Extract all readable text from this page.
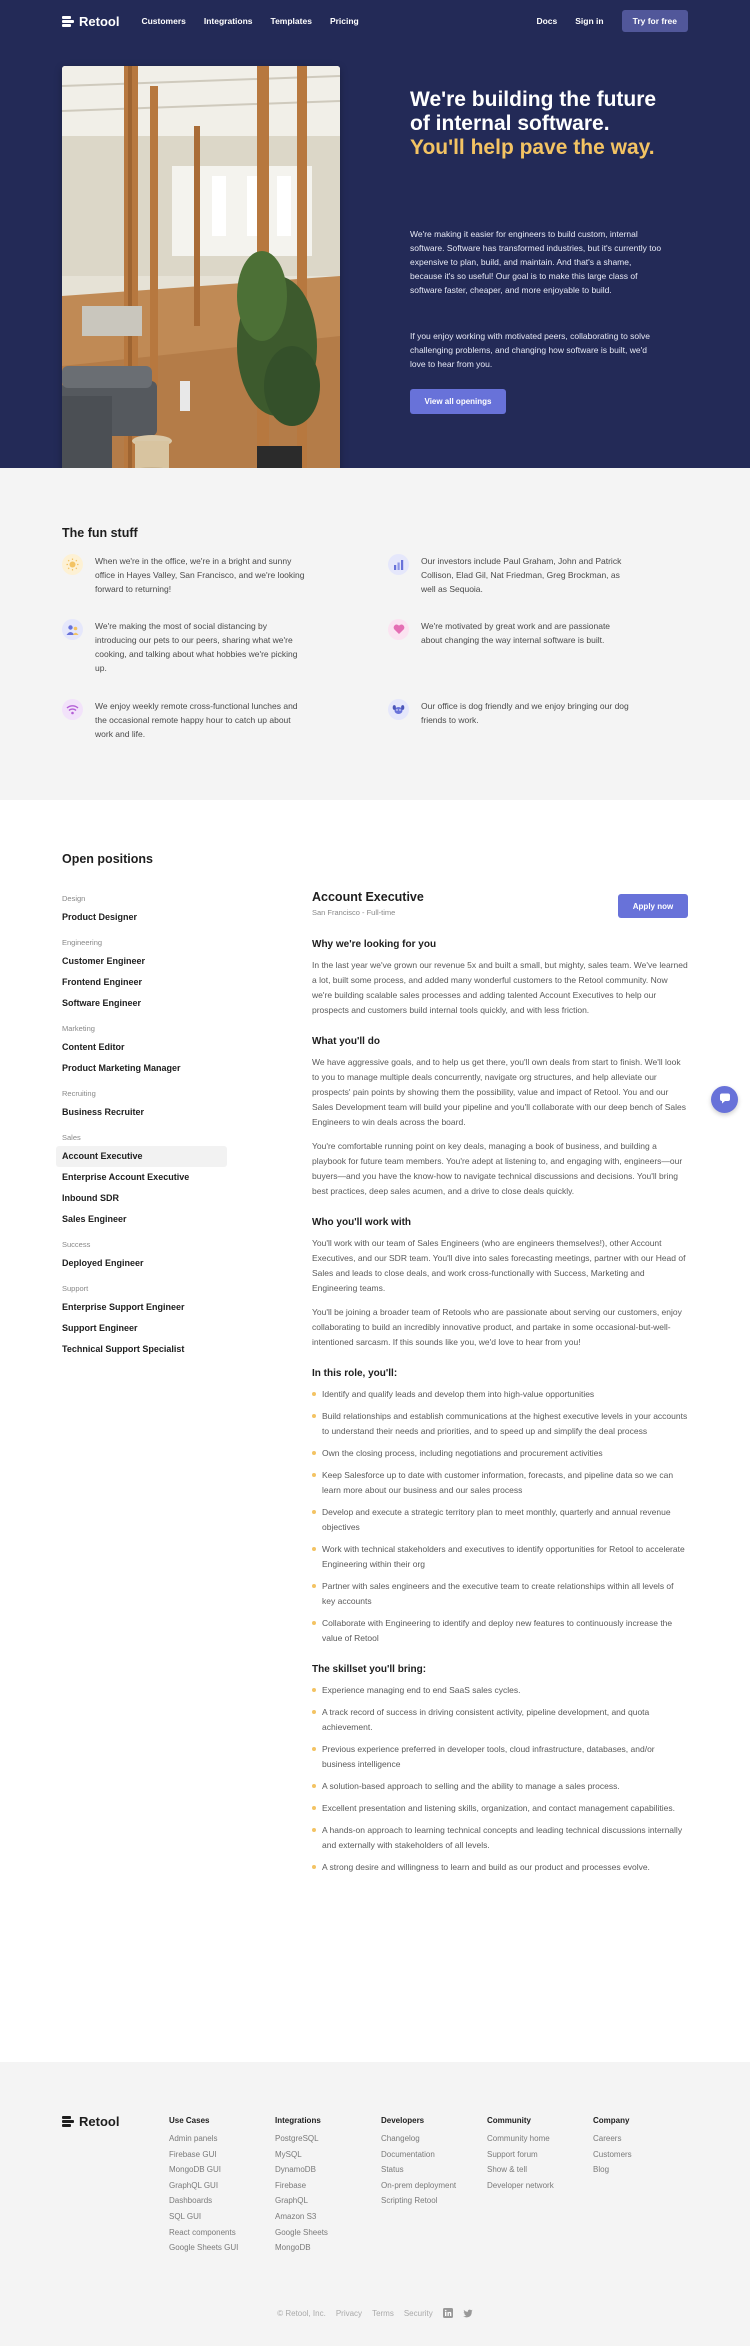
Retool	Customers Integrations Templates Pricing	Docs Sign in	Try for free
We're building the future of internal software. You'll help pave the way.

We're making it easier for engineers to build custom, internal software. Software has transformed industries, but it's currently too expensive to plan, build, and maintain. And that's a shame, because it's so useful! Our goal is to make this large class of software faster, cheaper, and more enjoyable to build.

If you enjoy working with motivated peers, collaborating to solve challenging problems, and changing how software is built, we'd love to hear from you.

View all openings
The fun stuff

When we're in the office, we're in a bright and sunny office in Hayes Valley, San Francisco, and we're looking forward to returning!

Our investors include Paul Graham, John and Patrick Collison, Elad Gil, Nat Friedman, Greg Brockman, as well as Sequoia.

We're making the most of social distancing by introducing our pets to our peers, sharing what we're cooking, and talking about what hobbies we're picking up.

We're motivated by great work and are passionate about changing the way internal software is built.

We enjoy weekly remote cross-functional lunches and the occasional remote happy hour to catch up about work and life.

Our office is dog friendly and we enjoy bringing our dog friends to work.

Open positions
Design
Product Designer
Engineering
Customer Engineer
Frontend Engineer
Software Engineer
Marketing
Content Editor
Product Marketing Manager
Recruiting
Business Recruiter
Sales
Account Executive
Enterprise Account Executive
Inbound SDR
Sales Engineer
Success
Deployed Engineer
Support
Enterprise Support Engineer
Support Engineer
Technical Support Specialist
Account Executive
San Francisco - Full-time
Apply now
Why we're looking for you

In the last year we've grown our revenue 5x and built a small, but mighty, sales team. We've learned a lot, built some process, and added many wonderful customers to the Retool community. Now we're building scalable sales processes and adding talented Account Executives to help our prospects and customers build internal tools quickly, and with less friction.

What you'll do

We have aggressive goals, and to help us get there, you'll own deals from start to finish. We'll look to you to manage multiple deals concurrently, navigate org structures, and help alleviate our prospects' pain points by showing them the possibility, value and impact of Retool. You and our Sales Development team will build your pipeline and you'll collaborate with our deep bench of Sales Engineers to win deals across the board.

You're comfortable running point on key deals, managing a book of business, and building a playbook for future team members. You're adept at listening to, and engaging with, engineers—our buyers—and you have the know-how to navigate technical discussions and decisions. You'll bring best practices, deep sales acumen, and a drive to close deals quickly.

Who you'll work with

You'll work with our team of Sales Engineers (who are engineers themselves!), other Account Executives, and our SDR team. You'll dive into sales forecasting meetings, partner with our Head of Sales and leads to close deals, and work cross-functionally with Success, Marketing and Engineering teams.

You'll be joining a broader team of Retools who are passionate about serving our customers, enjoy collaborating to build an incredibly innovative product, and partake in some occasional-but-well-intentioned sarcasm. If this sounds like you, we'd love to hear from you!

In this role, you'll:
Identify and qualify leads and develop them into high-value opportunities
Build relationships and establish communications at the highest executive levels in your accounts to understand their needs and priorities, and to speed up and simplify the deal process
Own the closing process, including negotiations and procurement activities
Keep Salesforce up to date with customer information, forecasts, and pipeline data so we can learn more about our business and our sales process
Develop and execute a strategic territory plan to meet monthly, quarterly and annual revenue objectives
Work with technical stakeholders and executives to identify opportunities for Retool to accelerate Engineering within their org
Partner with sales engineers and the executive team to create relationships within all levels of key accounts
Collaborate with Engineering to identify and deploy new features to continuously increase the value of Retool
The skillset you'll bring:
Experience managing end to end SaaS sales cycles.
A track record of success in driving consistent activity, pipeline development, and quota achievement.
Previous experience preferred in developer tools, cloud infrastructure, databases, and/or business intelligence
A solution-based approach to selling and the ability to manage a sales process.
Excellent presentation and listening skills, organization, and contact management capabilities.
A hands-on approach to learning technical concepts and leading technical discussions internally and externally with stakeholders of all levels.
A strong desire and willingness to learn and build as our product and processes evolve.
Retool	Use Cases
Admin panels
Firebase GUI
MongoDB GUI
GraphQL GUI
Dashboards
SQL GUI
React components
Google Sheets GUI
Integrations
PostgreSQL
MySQL
DynamoDB
Firebase
GraphQL
Amazon S3
Google Sheets
MongoDB
Developers
Changelog
Documentation
Status
On-prem deployment
Scripting Retool
Community
Community home
Support forum
Show & tell
Developer network
Company
Careers
Customers
Blog
© Retool, Inc. Privacy Terms Security
